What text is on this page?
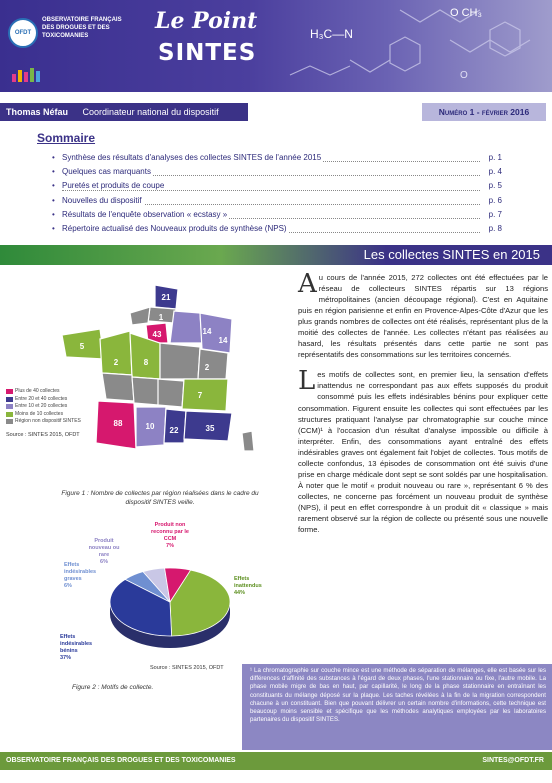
H₃C—N
O CH₃
O
OFDT
OBSERVATOIRE FRANÇAIS DES DROGUES ET DES TOXICOMANIES
Le Point
SINTES
Thomas Néfau Coordinateur national du dispositif SINTES
Numéro 1 - février 2016
Sommaire
• Synthèse des résultats d'analyses des collectes SINTES de l'année 2015	p. 1
• Quelques cas marquants	p. 4
• Puretés et produits de coupe	p. 5
• Nouvelles du dispositif	p. 6
• Résultats de l'enquête observation « ecstasy »	p. 7
• Répertoire actualisé des Nouveaux produits de synthèse (NPS)	p. 8
Les collectes SINTES en 2015
21
1
43	14
14
5
2	8
2
7
10	35
22
88
Plus de 40 collectes
Entre 20 et 40 collectes
Entre 10 et 20 collectes
Moins de 10 collectes
Région non dispositif SINTES
Source : SINTES 2015, OFDT
Figure 1 : Nombre de collectes par région réalisées dans le cadre du dispositif SINTES veille.
Effets
inattendus
44%
Effets
indésirables
bénins
37%
Effets
indésirables
graves
6%
Produit
nouveau ou
rare
6%
Produit non
reconnu par le
CCM
7%
Source : SINTES 2015, OFDT
Figure 2 : Motifs de collecte.

Au cours de l'année 2015, 272 collectes ont été effectuées par le réseau de collecteurs SINTES répartis sur 13 régions métropolitaines (ancien découpage régional). C'est en Aquitaine puis en région parisienne et enfin en Provence-Alpes-Côte d'Azur que les plus grands nombres de collectes ont été réalisés, représentant plus de la moitié des collectes de l'année. Les collectes n'étant pas réalisées au hasard, les résultats présentés dans cette partie ne sont pas représentatifs des consommations sur les territoires concernés.

Les motifs de collectes sont, en premier lieu, la sensation d'effets inattendus ne correspondant pas aux effets supposés du produit consommé puis les effets indésirables bénins pour expliquer cette consommation. Figurent ensuite les collectes qui sont effectuées par les structures pratiquant l'analyse par chromatographie sur couche mince (CCM)¹ à l'occasion d'un résultat d'analyse impossible ou difficile à interpréter. Enfin, des consommations ayant entraîné des effets indésirables graves ont également fait l'objet de collectes. Tous motifs de collecte confondus, 13 épisodes de consommation ont été suivis d'une prise en charge médicale dont sept se sont soldés par une hospitalisation. À noter que le motif « produit nouveau ou rare », représentant 6 % des collectes, ne concerne pas forcément un nouveau produit de synthèse (NPS), il peut en effet correspondre à un produit dit « classique » mais rarement observé sur la région de collecte ou présenté sous une nouvelle forme.

¹ La chromatographie sur couche mince est une méthode de séparation de mélanges, elle est basée sur les différences d'affinité des substances à l'égard de deux phases, l'une stationnaire ou fixe, l'autre mobile. La phase mobile migre de bas en haut, par capillarité, le long de la phase stationnaire en entraînant les constituants du mélange déposé sur la plaque. Les taches révélées à la fin de la migration correspondent chacune à un constituant. Bien que pouvant délivrer un certain nombre d'informations, cette technique est beaucoup moins sensible et spécifique que les méthodes analytiques employées par les laboratoires partenaires du dispositif SINTES.
OBSERVATOIRE FRANÇAIS DES DROGUES ET DES TOXICOMANIES	SINTES@OFDT.FR
